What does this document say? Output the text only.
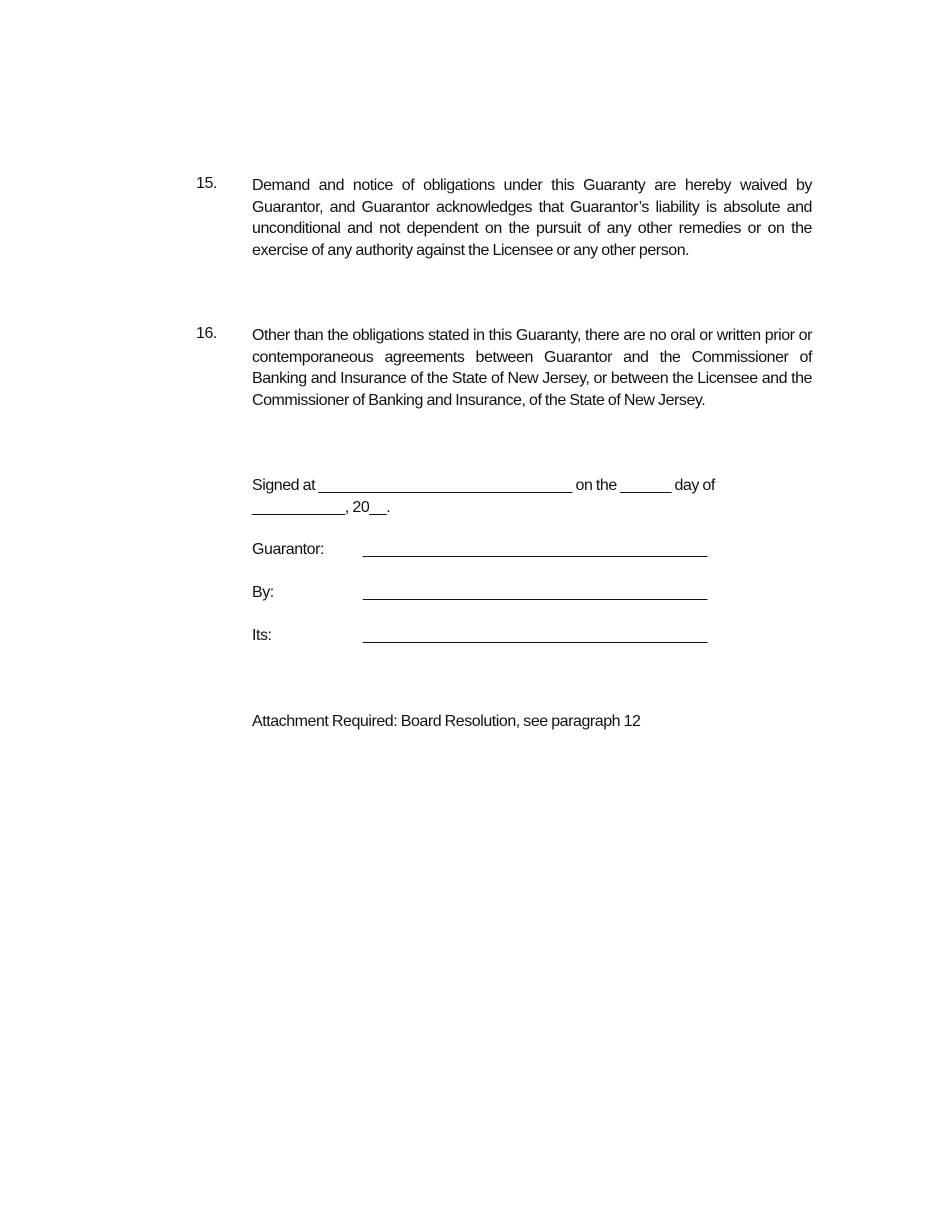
15. Demand and notice of obligations under this Guaranty are hereby waived by Guarantor, and Guarantor acknowledges that Guarantor’s liability is absolute and unconditional and not dependent on the pursuit of any other remedies or on the exercise of any authority against the Licensee or any other person.
16. Other than the obligations stated in this Guaranty, there are no oral or written prior or contemporaneous agreements between Guarantor and the Commissioner of Banking and Insurance of the State of New Jersey, or between the Licensee and the Commissioner of Banking and Insurance, of the State of New Jersey.
Signed at ______________________________ on the ______ day of ___________, 20__.
Guarantor: ________________________________________
By:	________________________________________
Its:	________________________________________
Attachment Required: Board Resolution, see paragraph 12
